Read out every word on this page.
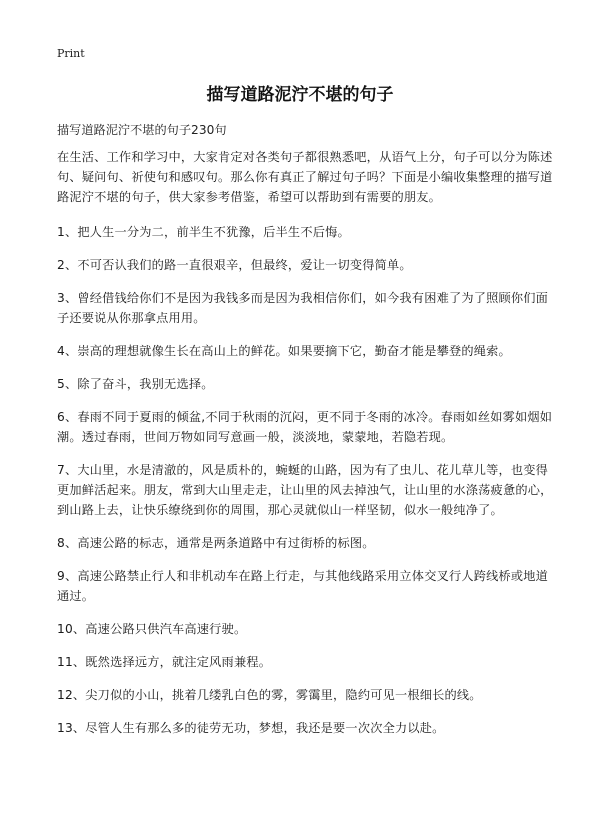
Print
描写道路泥泞不堪的句子
描写道路泥泞不堪的句子230句

在生活、工作和学习中，大家肯定对各类句子都很熟悉吧，从语气上分，句子可以分为陈述句、疑问句、祈使句和感叹句。那么你有真正了解过句子吗？下面是小编收集整理的描写道路泥泞不堪的句子，供大家参考借鉴，希望可以帮助到有需要的朋友。

1、把人生一分为二，前半生不犹豫，后半生不后悔。

2、不可否认我们的路一直很艰辛，但最终，爱让一切变得简单。

3、曾经借钱给你们不是因为我钱多而是因为我相信你们，如今我有困难了为了照顾你们面子还要说从你那拿点用用。

4、崇高的理想就像生长在高山上的鲜花。如果要摘下它，勤奋才能是攀登的绳索。

5、除了奋斗，我别无选择。

6、春雨不同于夏雨的倾盆,不同于秋雨的沉闷，更不同于冬雨的冰冷。春雨如丝如雾如烟如潮。透过春雨，世间万物如同写意画一般，淡淡地，蒙蒙地，若隐若现。

7、大山里，水是清澈的，风是质朴的，蜿蜒的山路，因为有了虫儿、花儿草儿等，也变得更加鲜活起来。朋友，常到大山里走走，让山里的风去掉浊气，让山里的水涤荡疲惫的心，到山路上去，让快乐缭绕到你的周围，那心灵就似山一样坚韧，似水一般纯净了。

8、高速公路的标志，通常是两条道路中有过街桥的标图。

9、高速公路禁止行人和非机动车在路上行走，与其他线路采用立体交叉行人跨线桥或地道通过。

10、高速公路只供汽车高速行驶。

11、既然选择远方，就注定风雨兼程。

12、尖刀似的小山，挑着几缕乳白色的雾，雾霭里，隐约可见一根细长的线。

13、尽管人生有那么多的徒劳无功，梦想，我还是要一次次全力以赴。
